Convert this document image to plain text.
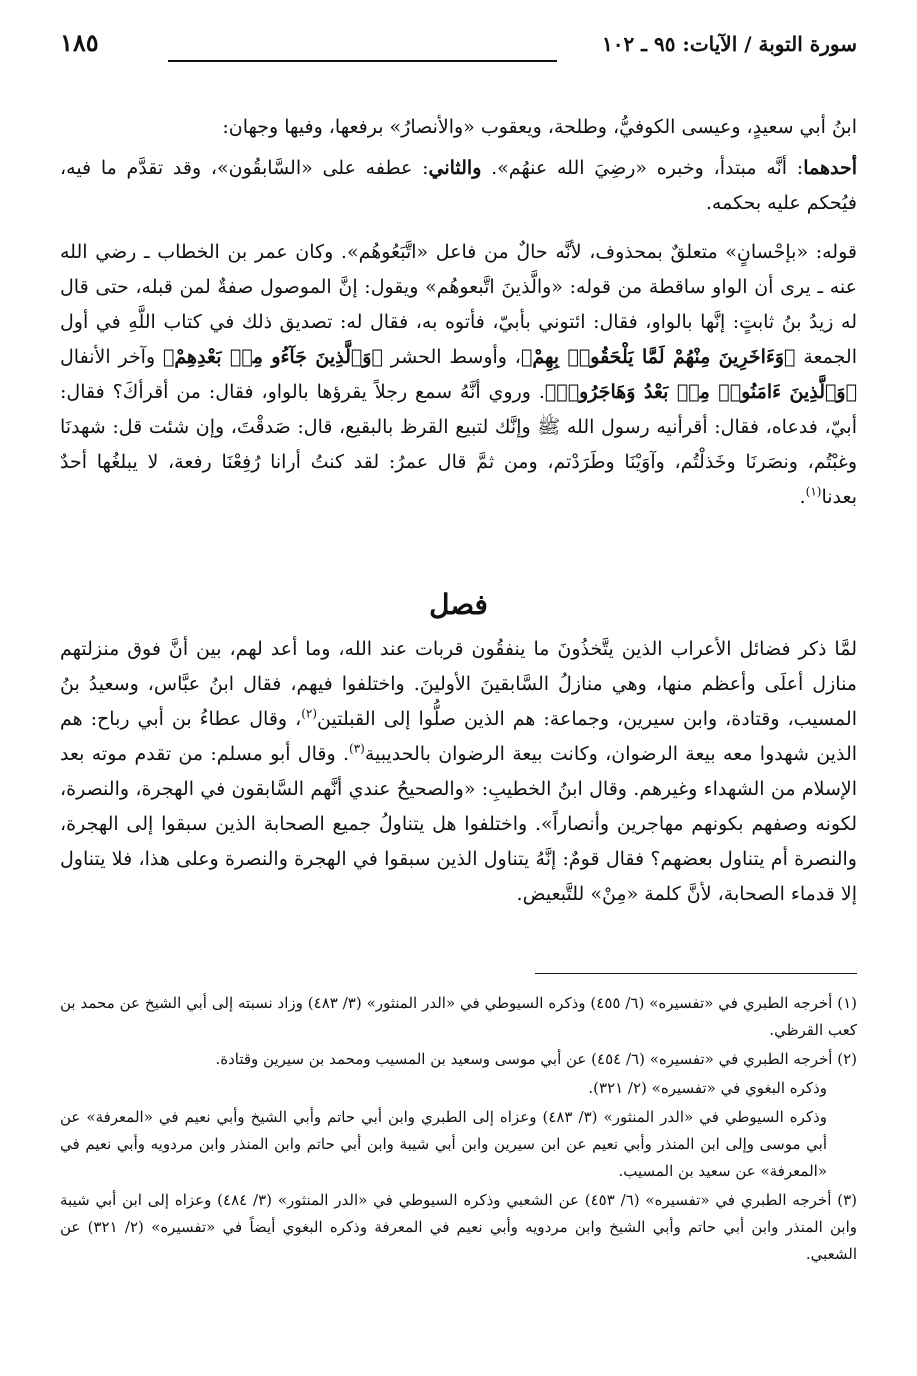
سورة التوبة / الآيات: ٩٥ ـ ١٠٢
١٨٥

ابنُ أبي سعيدٍ، وعيسى الكوفيُّ، وطلحة، ويعقوب «والأنصارُ» برفعها، وفيها وجهان:

أحدهما: أنَّه مبتدأ، وخبره «رضِيَ الله عنهُم». والثاني: عطفه على «السَّابقُون»، وقد تقدَّم ما فيه، فيُحكم عليه بحكمه.

قوله: «بإحْسانٍ» متعلقٌ بمحذوف، لأنَّه حالٌ من فاعل «اتَّبَعُوهُم». وكان عمر بن الخطاب ـ رضي الله عنه ـ يرى أن الواو ساقطة من قوله: «والَّذينَ اتَّبعوهُم» ويقول: إنَّ الموصول صفةٌ لمن قبله، حتى قال له زيدُ بنُ ثابتٍ: إنَّها بالواو، فقال: ائتوني بأبيّ، فأتوه به، فقال له: تصديق ذلك في كتاب اللَّهِ في أول الجمعة ﴿وَءَاخَرِينَ مِنْهُمْ لَمَّا يَلْحَقُوا۟ بِهِمْ﴾، وأوسط الحشر ﴿وَٱلَّذِينَ جَآءُو مِنۢ بَعْدِهِمْ﴾ وآخر الأنفال ﴿وَٱلَّذِينَ ءَامَنُوا۟ مِنۢ بَعْدُ وَهَاجَرُوا۟﴾. وروي أنَّهُ سمع رجلاً يقرؤها بالواو، فقال: من أقرأكَ؟ فقال: أبيّ، فدعاه، فقال: أقرأنيه رسول الله ﷺ وإنَّك لتبيع القرظ بالبقيع، قال: صَدقْتَ، وإن شئت قل: شهدنَا وغبْتُم، ونصَرنَا وخَذلْتُم، وآوَيْنَا وطَرَدْتم، ومن ثمَّ قال عمرُ: لقد كنتُ أرانا رُفِعْنَا رفعة، لا يبلغُها أحدٌ بعدنا$^{(١)}$.

فصل

لمَّا ذكر فضائل الأعراب الذين يتَّخذُونَ ما ينفقُون قربات عند الله، وما أعد لهم، بين أنَّ فوق منزلتهم منازل أعلَى وأعظم منها، وهي منازلُ السَّابقينَ الأولينَ. واختلفوا فيهم، فقال ابنُ عبَّاس، وسعيدُ بنُ المسيب، وقتادة، وابن سيرين، وجماعة: هم الذين صلُّوا إلى القبلتين$^{(٢)}$، وقال عطاءُ بن أبي رباح: هم الذين شهدوا معه بيعة الرضوان، وكانت بيعة الرضوان بالحديبية$^{(٣)}$. وقال أبو مسلم: من تقدم موته بعد الإسلام من الشهداء وغيرهم. وقال ابنُ الخطيبِ: «والصحيحُ عندي أنَّهم السَّابقون في الهجرة، والنصرة، لكونه وصفهم بكونهم مهاجرين وأنصاراً». واختلفوا هل يتناولُ جميع الصحابة الذين سبقوا إلى الهجرة، والنصرة أم يتناول بعضهم؟ فقال قومٌ: إنَّهُ يتناول الذين سبقوا في الهجرة والنصرة وعلى هذا، فلا يتناول إلا قدماء الصحابة، لأنَّ كلمة «مِنْ» للتَّبعيض.

(١) أخرجه الطبري في «تفسيره» (٦/ ٤٥٥) وذكره السيوطي في «الدر المنثور» (٣/ ٤٨٣) وزاد نسبته إلى أبي الشيخ عن محمد بن كعب القرظي.

(٢) أخرجه الطبري في «تفسيره» (٦/ ٤٥٤) عن أبي موسى وسعيد بن المسيب ومحمد بن سيرين وقتادة.

وذكره البغوي في «تفسيره» (٢/ ٣٢١).

وذكره السيوطي في «الدر المنثور» (٣/ ٤٨٣) وعزاه إلى الطبري وابن أبي حاتم وأبي الشيخ وأبي نعيم في «المعرفة» عن أبي موسى وإلى ابن المنذر وأبي نعيم عن ابن سيرين وابن أبي شيبة وابن أبي حاتم وابن المنذر وابن مردويه وأبي نعيم في «المعرفة» عن سعيد بن المسيب.

(٣) أخرجه الطبري في «تفسيره» (٦/ ٤٥٣) عن الشعبي وذكره السيوطي في «الدر المنثور» (٣/ ٤٨٤) وعزاه إلى ابن أبي شيبة وابن المنذر وابن أبي حاتم وأبي الشيخ وابن مردويه وأبي نعيم في المعرفة وذكره البغوي أيضاً في «تفسيره» (٢/ ٣٢١) عن الشعبي.
